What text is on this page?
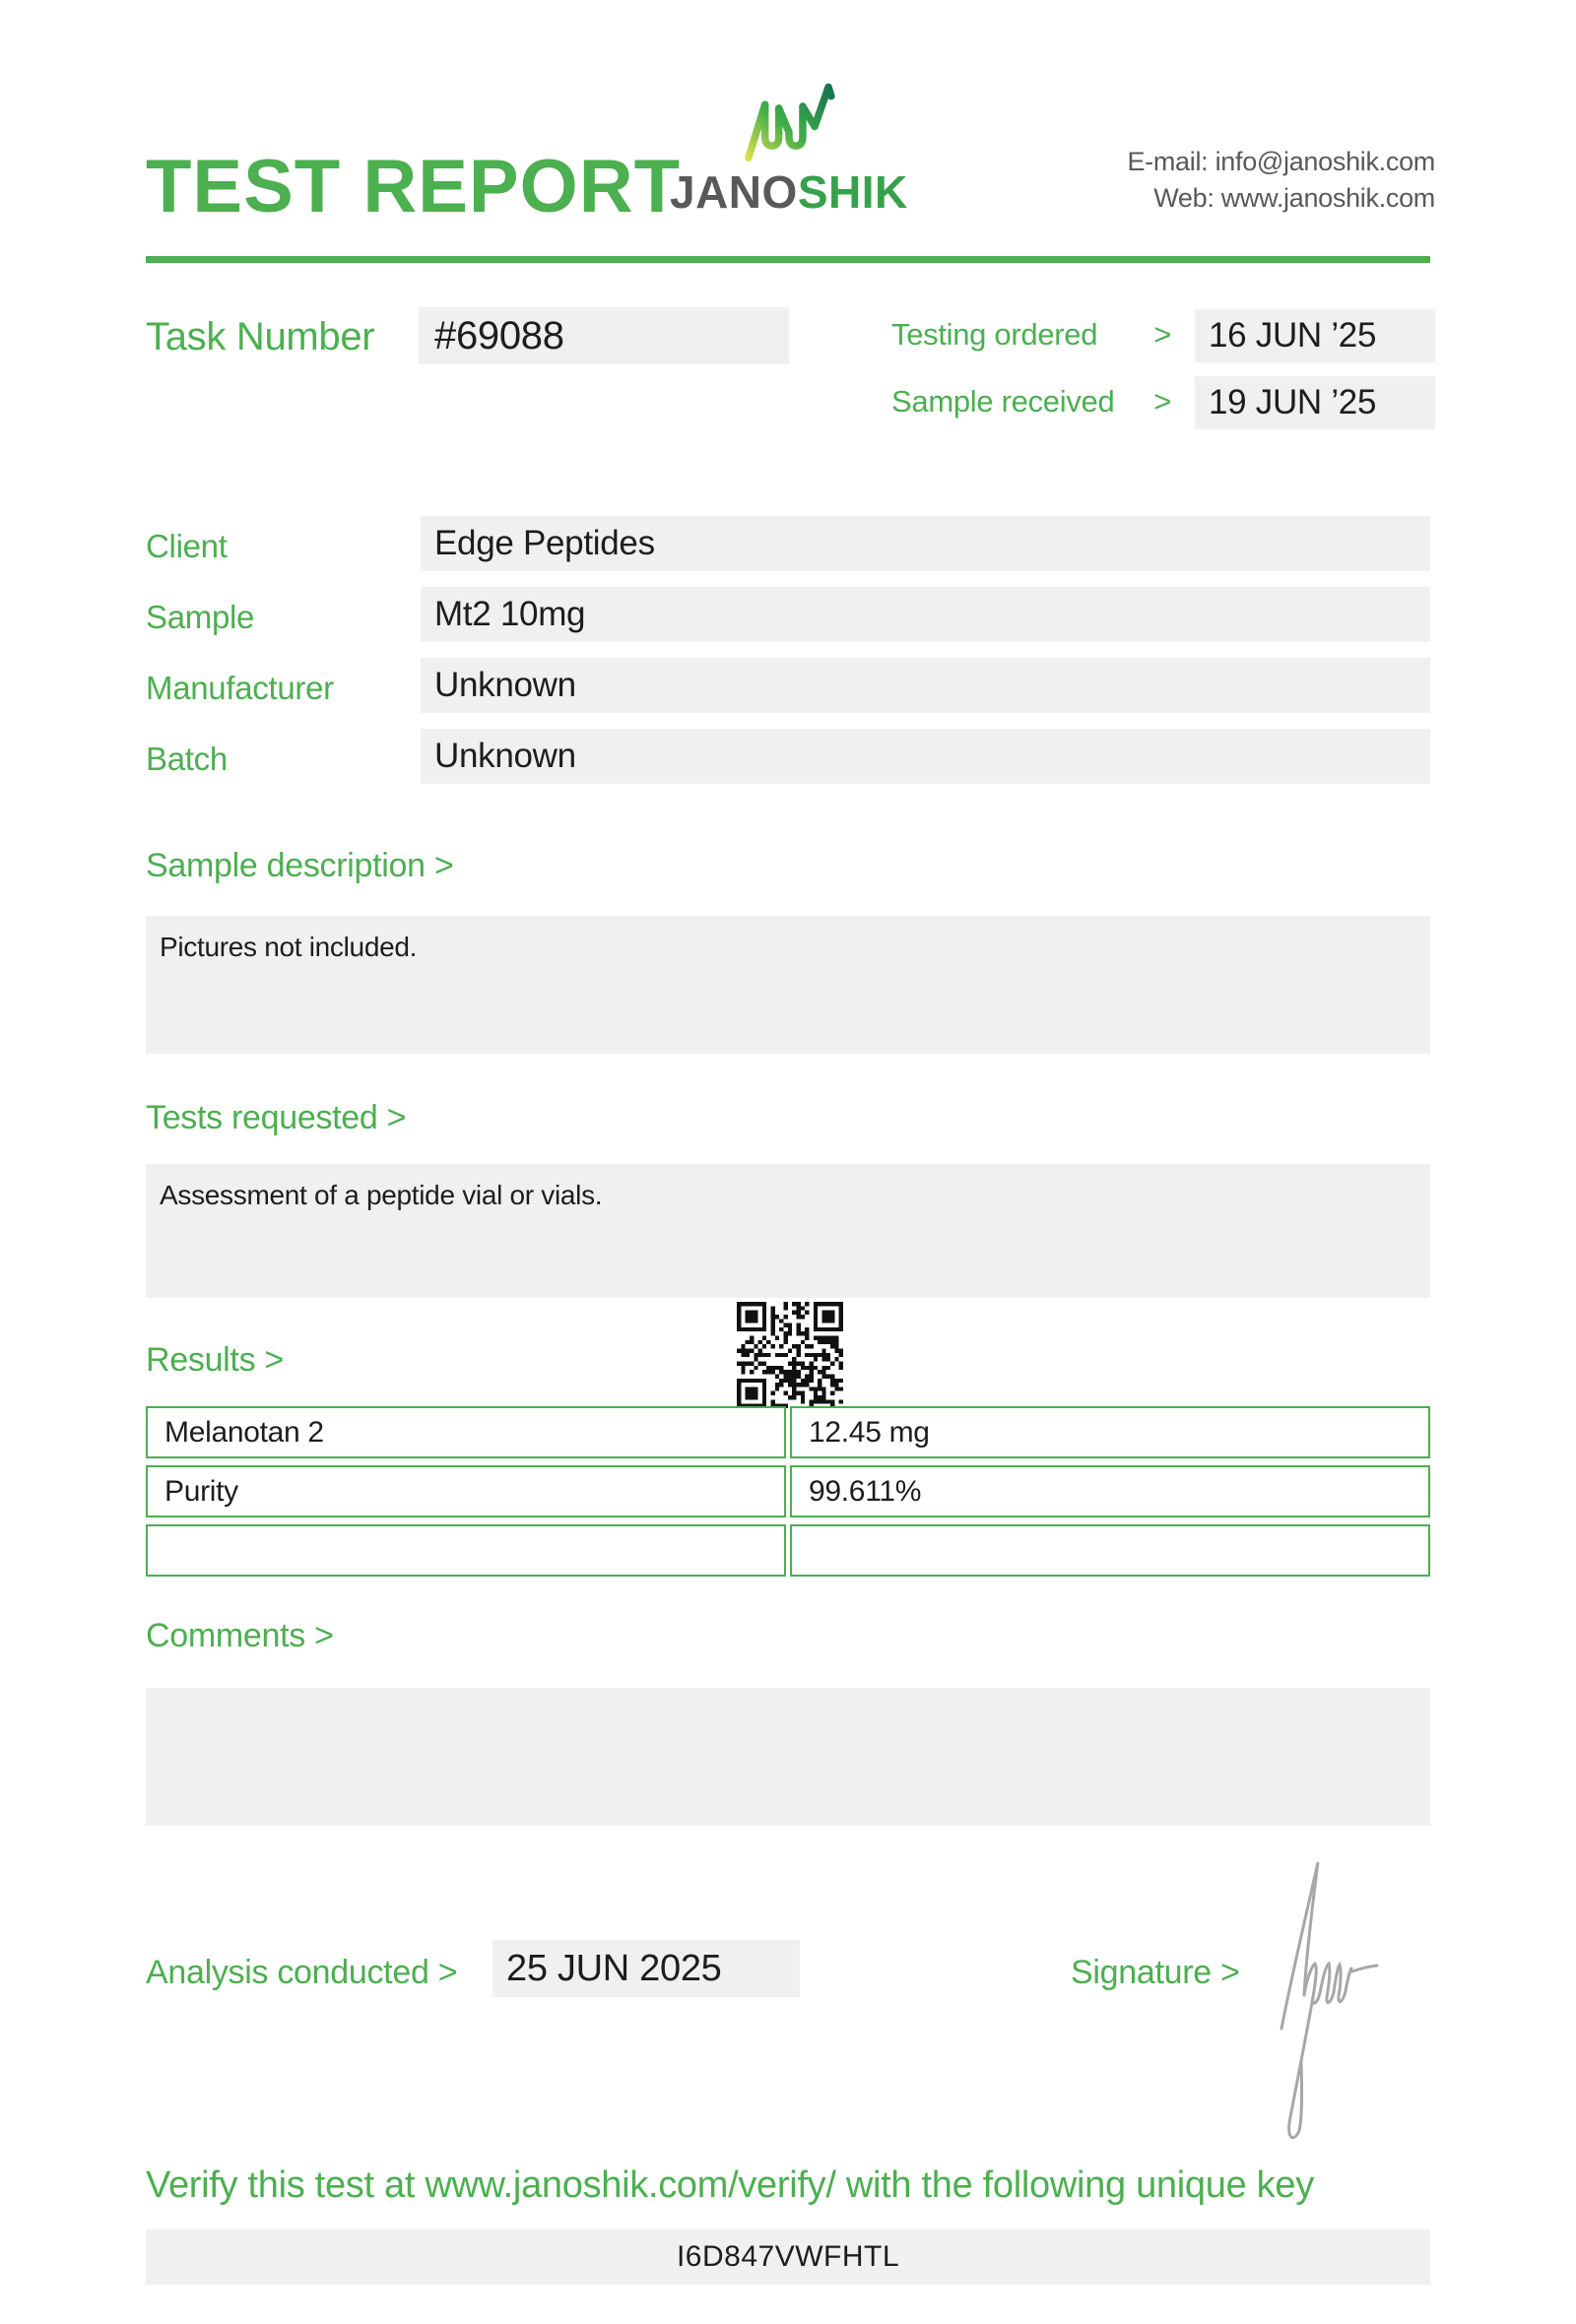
TEST REPORT
JANOSHIK
E-mail: info@janoshik.com
Web: www.janoshik.com
Task Number	#69088	Testing ordered >	16 JUN ’25
Sample received >	19 JUN ’25
Client	Edge Peptides
Sample	Mt2 10mg
Manufacturer	Unknown
Batch	Unknown
Sample description >
Pictures not included.
Tests requested >
Assessment of a peptide vial or vials.
Results >
Melanotan 2	12.45 mg
Purity	99.611%
Comments >
Analysis conducted >	25 JUN 2025	Signature >
Verify this test at www.janoshik.com/verify/ with the following unique key
I6D847VWFHTL
